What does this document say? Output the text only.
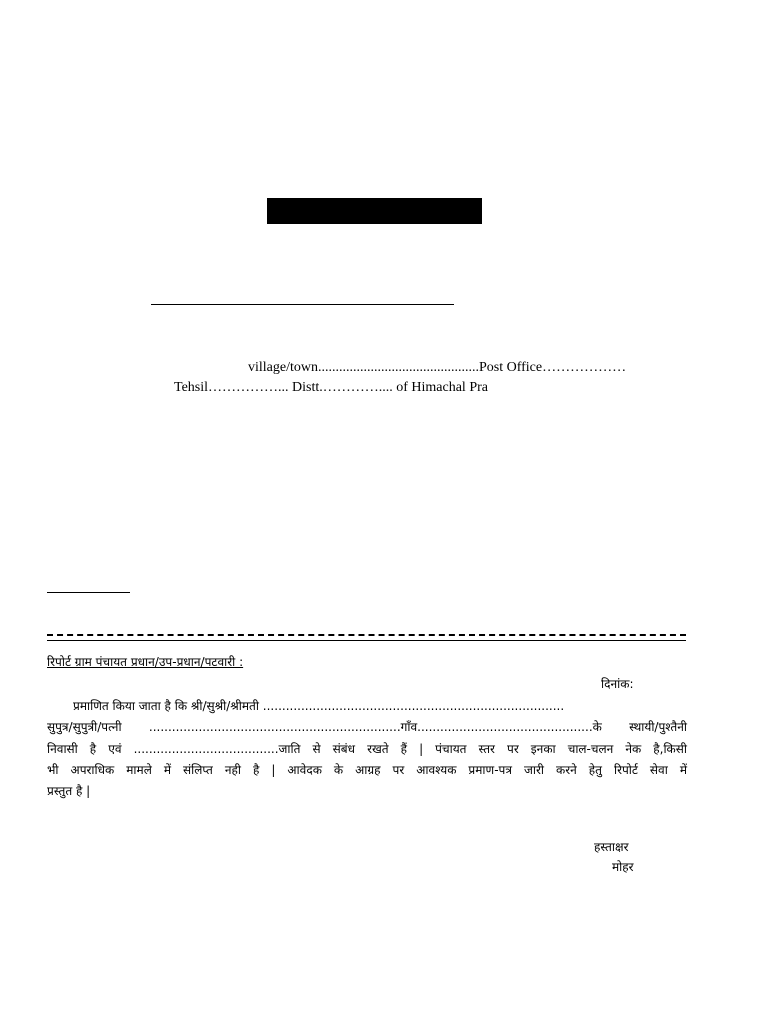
village/town..............................................Post Office………………
Tehsil……………... Distt.………….... of Himachal Pra
रिपोर्ट ग्राम पंचायत प्रधान/उप-प्रधान/पटवारी :
दिनांक:
प्रमाणित किया जाता है कि श्री/सुश्री/श्रीमती ...............................................................................
सुपुत्र/सुपुत्री/पत्नी ..................................................................गाँव..............................................के स्थायी/पुश्तैनी
निवासी है एवं ......................................जाति से संबंध रखते हैं | पंचायत स्तर पर इनका चाल-चलन नेक है,किसी
भी अपराधिक मामले में संलिप्त नही है | आवेदक के आग्रह पर आवश्यक प्रमाण-पत्र जारी करने हेतु रिपोर्ट सेवा में
प्रस्तुत है |
हस्ताक्षर
मोहर
